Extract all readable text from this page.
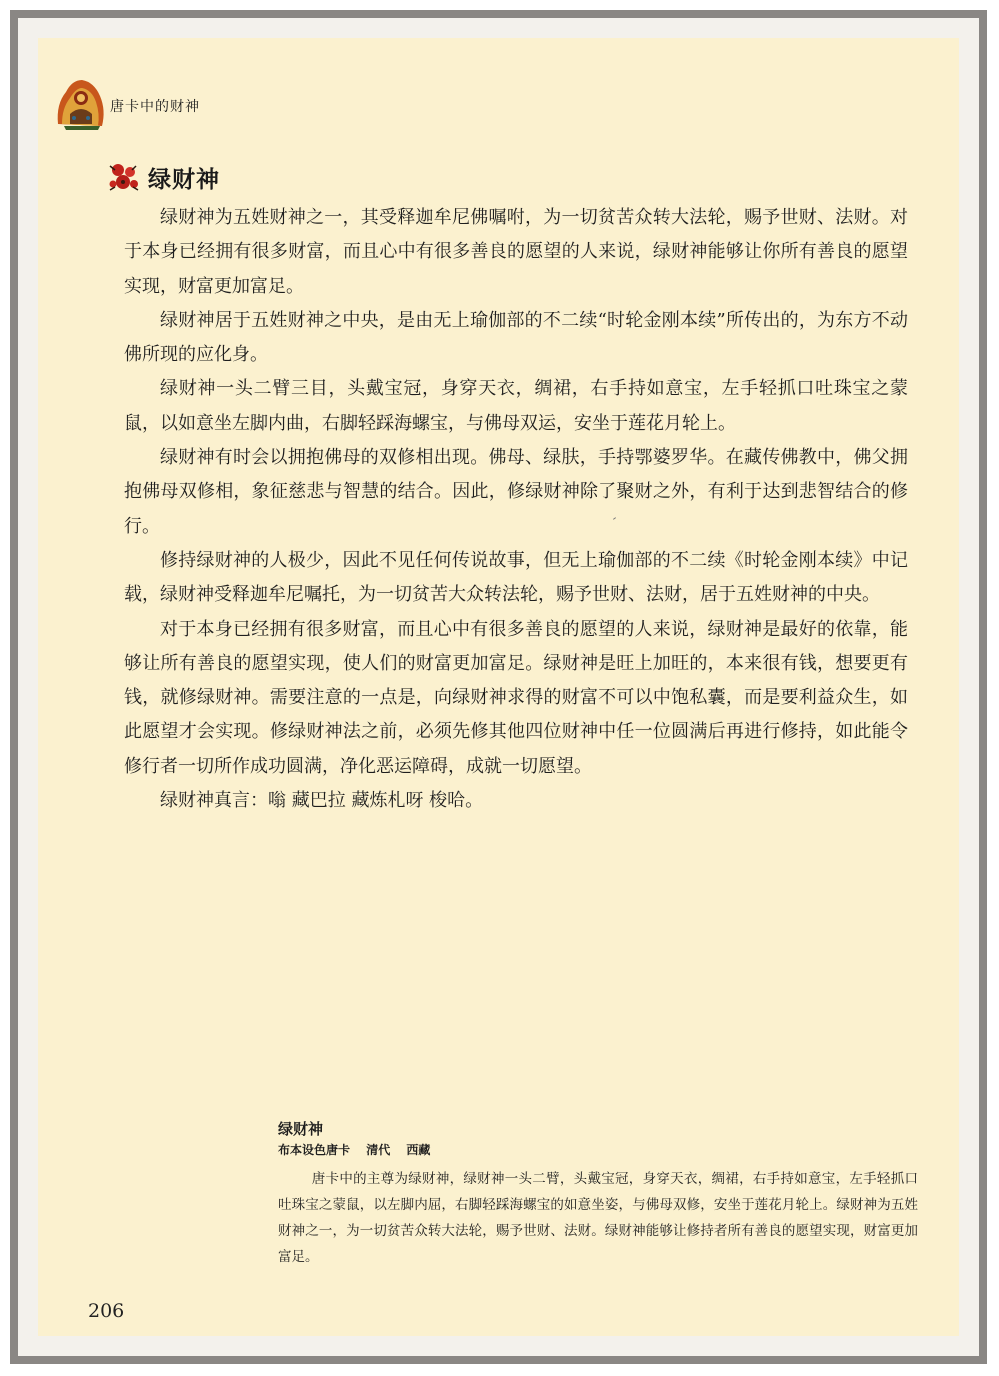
唐卡中的财神
绿财神

绿财神为五姓财神之一，其受释迦牟尼佛嘱咐，为一切贫苦众转大法轮，赐予世财、法财。对于本身已经拥有很多财富，而且心中有很多善良的愿望的人来说，绿财神能够让你所有善良的愿望实现，财富更加富足。

绿财神居于五姓财神之中央，是由无上瑜伽部的不二续“时轮金刚本续”所传出的，为东方不动佛所现的应化身。

绿财神一头二臂三目，头戴宝冠，身穿天衣，绸裙，右手持如意宝，左手轻抓口吐珠宝之蒙鼠，以如意坐左脚内曲，右脚轻踩海螺宝，与佛母双运，安坐于莲花月轮上。

绿财神有时会以拥抱佛母的双修相出现。佛母、绿肤，手持鄂婆罗华。在藏传佛教中，佛父拥抱佛母双修相，象征慈悲与智慧的结合。因此，修绿财神除了聚财之外，有利于达到悲智结合的修行。

修持绿财神的人极少，因此不见任何传说故事，但无上瑜伽部的不二续《时轮金刚本续》中记载，绿财神受释迦牟尼嘱托，为一切贫苦大众转法轮，赐予世财、法财，居于五姓财神的中央。

对于本身已经拥有很多财富，而且心中有很多善良的愿望的人来说，绿财神是最好的依靠，能够让所有善良的愿望实现，使人们的财富更加富足。绿财神是旺上加旺的，本来很有钱，想要更有钱，就修绿财神。需要注意的一点是，向绿财神求得的财富不可以中饱私囊，而是要利益众生，如此愿望才会实现。修绿财神法之前，必须先修其他四位财神中任一位圆满后再进行修持，如此能令修行者一切所作成功圆满，净化恶运障碍，成就一切愿望。

绿财神真言：嗡 藏巴拉 藏炼札呀 梭哈。

绿财神
布本设色唐卡 清代 西藏

唐卡中的主尊为绿财神，绿财神一头二臂，头戴宝冠，身穿天衣，绸裙，右手持如意宝，左手轻抓口吐珠宝之蒙鼠，以左脚内屈，右脚轻踩海螺宝的如意坐姿，与佛母双修，安坐于莲花月轮上。绿财神为五姓财神之一，为一切贫苦众转大法轮，赐予世财、法财。绿财神能够让修持者所有善良的愿望实现，财富更加富足。

206
